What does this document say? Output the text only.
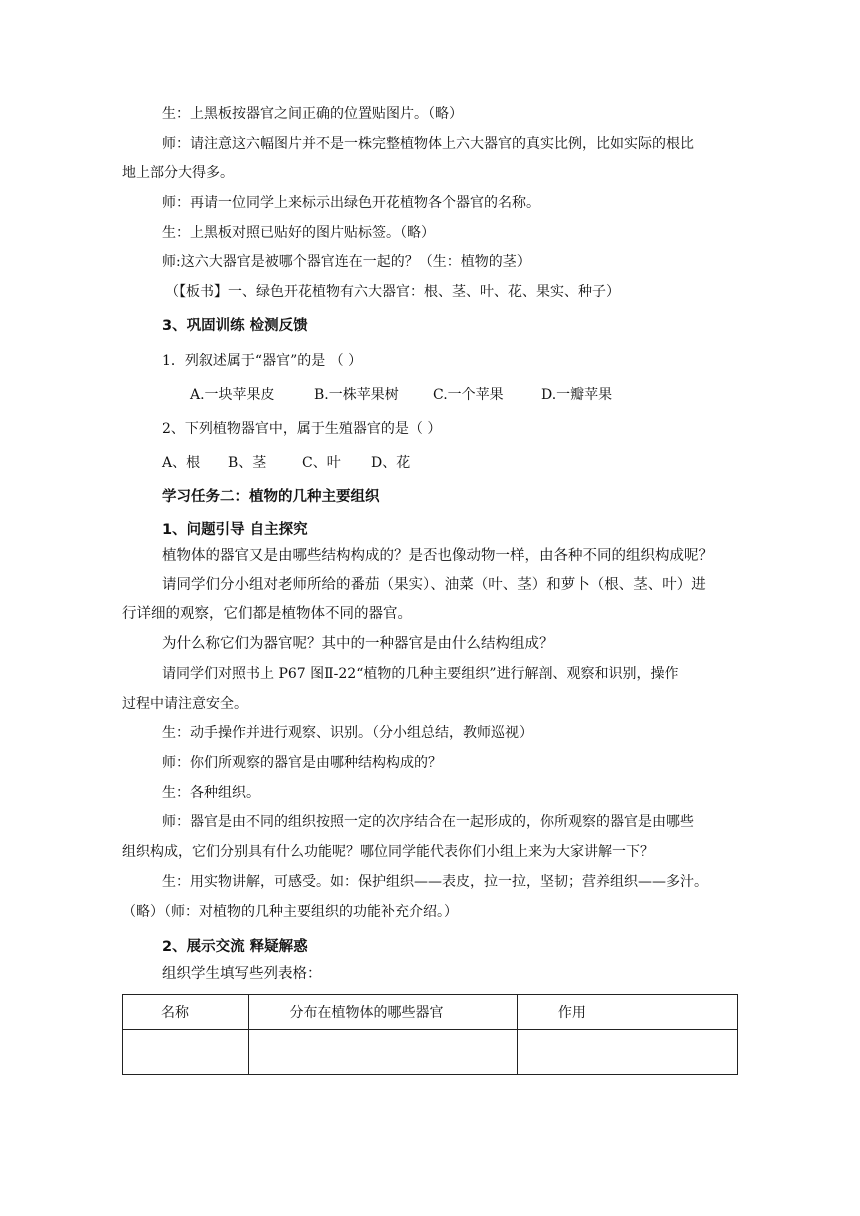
生：上黑板按器官之间正确的位置贴图片。（略）
师：请注意这六幅图片并不是一株完整植物体上六大器官的真实比例，比如实际的根比
地上部分大得多。
师：再请一位同学上来标示出绿色开花植物各个器官的名称。
生：上黑板对照已贴好的图片贴标签。（略）
师:这六大器官是被哪个器官连在一起的？（生：植物的茎）
（【板书】一、绿色开花植物有六大器官：根、茎、叶、花、果实、种子）
3、巩固训练 检测反馈
1．列叙述属于“器官”的是 （ ）
A.一块苹果皮	B.一株苹果树 C.一个苹果	D.一瓣苹果
2、下列植物器官中，属于生殖器官的是（ ）
A、根 B、茎	C、叶 D、花
学习任务二：植物的几种主要组织
1、问题引导 自主探究
植物体的器官又是由哪些结构构成的？是否也像动物一样，由各种不同的组织构成呢？
请同学们分小组对老师所给的番茄（果实）、油菜（叶、茎）和萝卜（根、茎、叶）进
行详细的观察，它们都是植物体不同的器官。
为什么称它们为器官呢？其中的一种器官是由什么结构组成？
请同学们对照书上 P67 图Ⅱ-22“植物的几种主要组织”进行解剖、观察和识别，操作
过程中请注意安全。
生：动手操作并进行观察、识别。（分小组总结，教师巡视）
师：你们所观察的器官是由哪种结构构成的？
生：各种组织。
师：器官是由不同的组织按照一定的次序结合在一起形成的，你所观察的器官是由哪些
组织构成，它们分别具有什么功能呢？哪位同学能代表你们小组上来为大家讲解一下？
生：用实物讲解，可感受。如：保护组织——表皮，拉一拉，坚韧；营养组织——多汁。
（略）（师：对植物的几种主要组织的功能补充介绍。）
2、展示交流 释疑解惑
组织学生填写些列表格：
名称	分布在植物体的哪些器官	作用
